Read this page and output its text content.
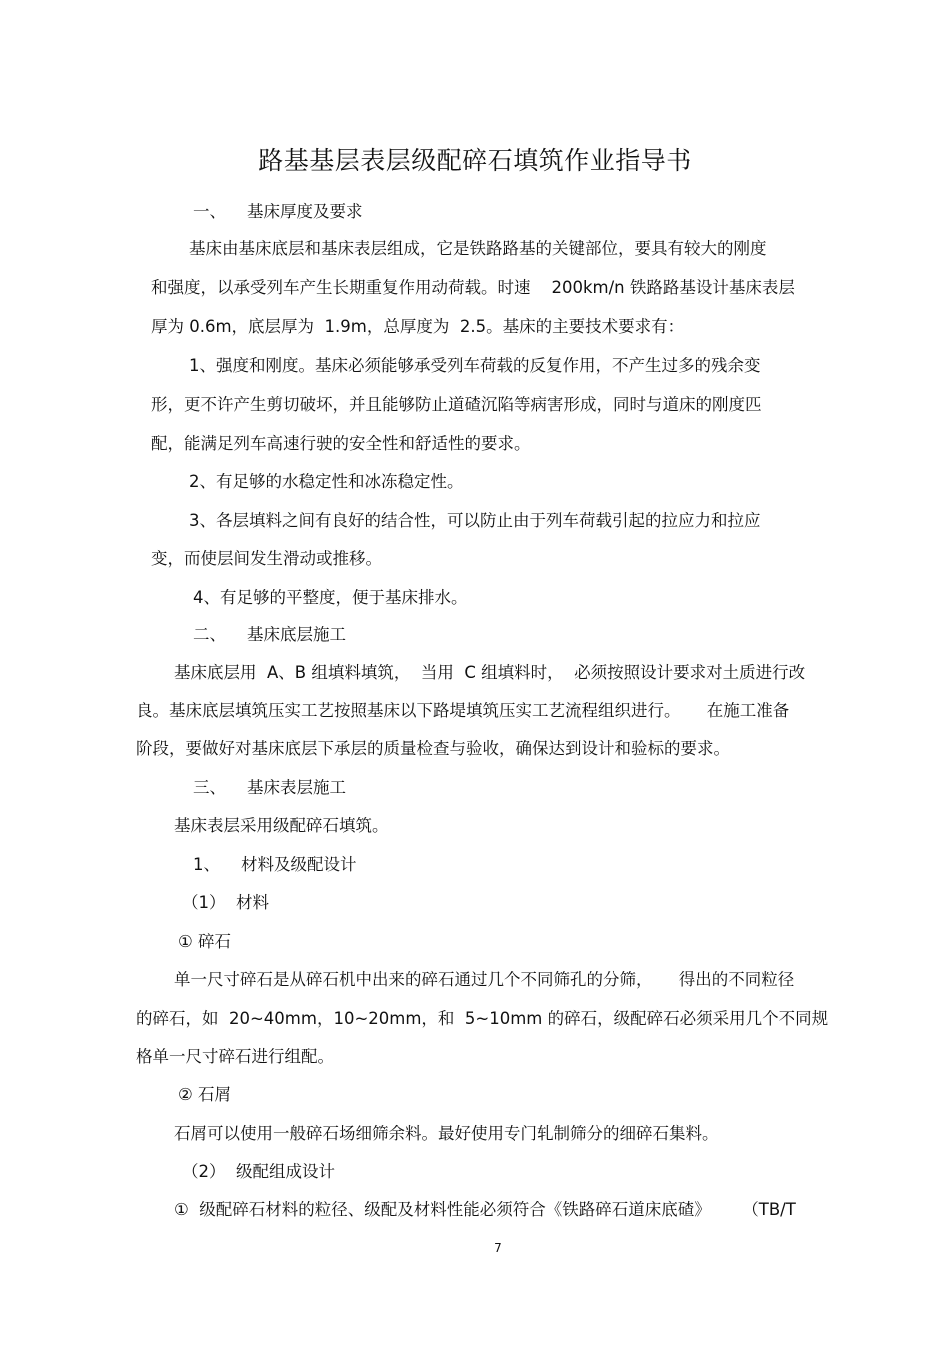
路基基层表层级配碎石填筑作业指导书
一、    基床厚度及要求
基床由基床底层和基床表层组成，它是铁路路基的关键部位，要具有较大的刚度
和强度，以承受列车产生长期重复作用动荷载。时速    200km/n 铁路路基设计基床表层
厚为 0.6m，底层厚为  1.9m，总厚度为  2.5。基床的主要技术要求有：
1、强度和刚度。基床必须能够承受列车荷载的反复作用，不产生过多的残余变
形，更不许产生剪切破坏，并且能够防止道碴沉陷等病害形成，同时与道床的刚度匹
配，能满足列车高速行驶的安全性和舒适性的要求。
2、有足够的水稳定性和冰冻稳定性。
3、各层填料之间有良好的结合性，可以防止由于列车荷载引起的拉应力和拉应
变，而使层间发生滑动或推移。
4、有足够的平整度，便于基床排水。
二、    基床底层施工
基床底层用  A、B 组填料填筑，  当用  C 组填料时，  必须按照设计要求对土质进行改
良。基床底层填筑压实工艺按照基床以下路堤填筑压实工艺流程组织进行。     在施工准备
阶段，要做好对基床底层下承层的质量检查与验收，确保达到设计和验标的要求。
三、    基床表层施工
基床表层采用级配碎石填筑。
1、    材料及级配设计
（1）  材料
① 碎石
单一尺寸碎石是从碎石机中出来的碎石通过几个不同筛孔的分筛，     得出的不同粒径
的碎石，如  20~40mm，10~20mm，和  5~10mm 的碎石，级配碎石必须采用几个不同规
格单一尺寸碎石进行组配。
② 石屑
石屑可以使用一般碎石场细筛余料。最好使用专门轧制筛分的细碎石集料。
（2）  级配组成设计
①  级配碎石材料的粒径、级配及材料性能必须符合《铁路碎石道床底碴》      （TB/T
7
